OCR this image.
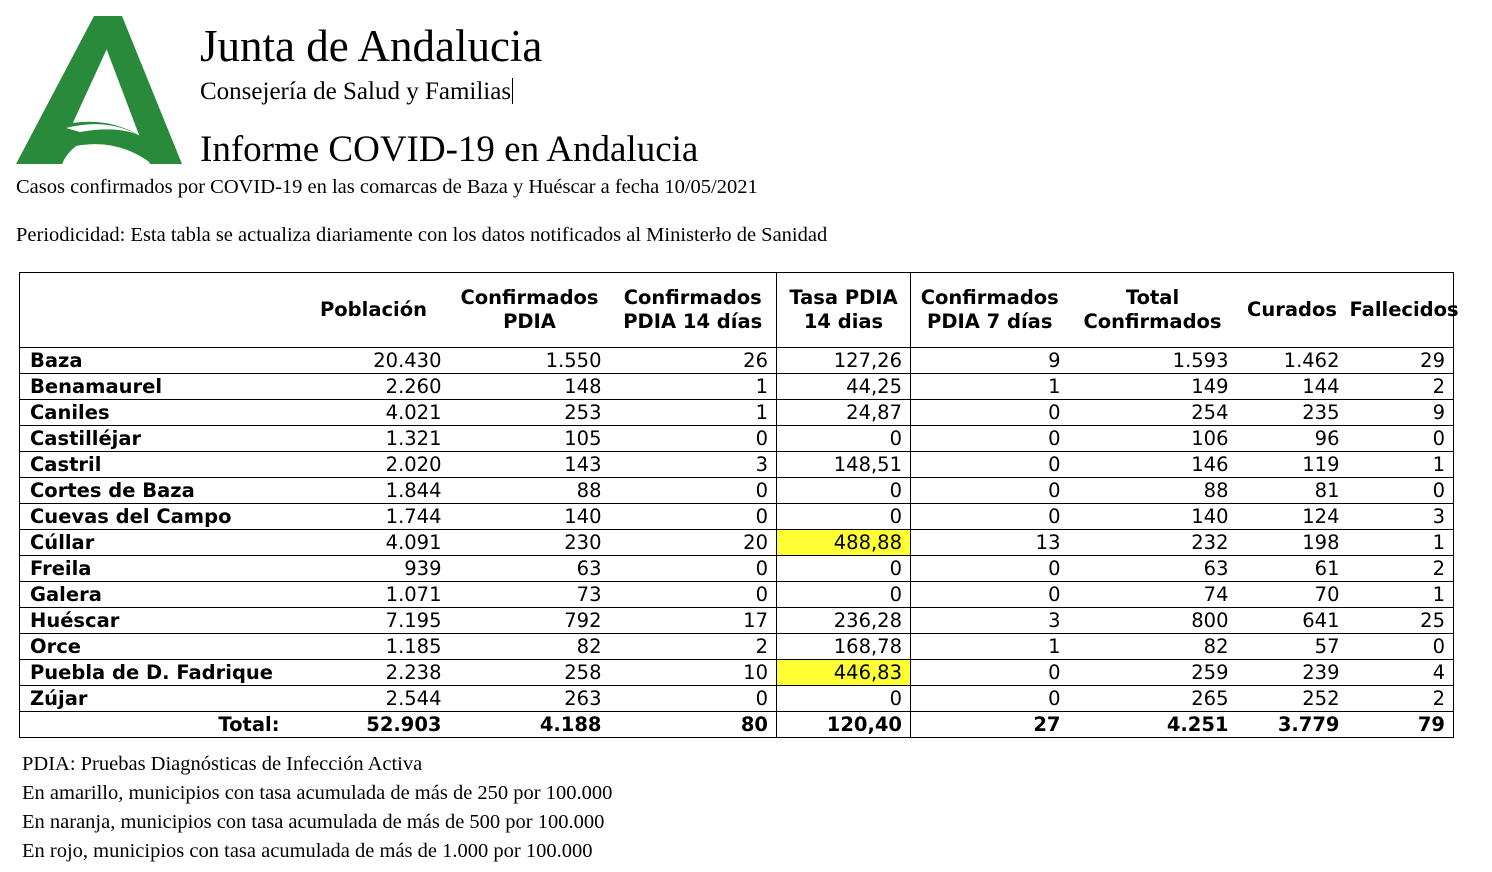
Junta de Andalucia
Consejería de Salud y Familias
Informe COVID-19 en Andalucia
Casos confirmados por COVID-19 en las comarcas de Baza y Huéscar a fecha 10/05/2021
Periodicidad: Esta tabla se actualiza diariamente con los datos notificados al Ministerło de Sanidad
	Población	Confirmados PDIA	Confirmados PDIA 14 días	Tasa PDIA 14 dias	Confirmados PDIA 7 días	Total Confirmados	Curados	Fallecidos
Baza	20.430	1.550	26	127,26	9	1.593	1.462	29
Benamaurel	2.260	148	1	44,25	1	149	144	2
Caniles	4.021	253	1	24,87	0	254	235	9
Castilléjar	1.321	105	0	0	0	106	96	0
Castril	2.020	143	3	148,51	0	146	119	1
Cortes de Baza	1.844	88	0	0	0	88	81	0
Cuevas del Campo	1.744	140	0	0	0	140	124	3
Cúllar	4.091	230	20	488,88	13	232	198	1
Freila	939	63	0	0	0	63	61	2
Galera	1.071	73	0	0	0	74	70	1
Huéscar	7.195	792	17	236,28	3	800	641	25
Orce	1.185	82	2	168,78	1	82	57	0
Puebla de D. Fadrique	2.238	258	10	446,83	0	259	239	4
Zújar	2.544	263	0	0	0	265	252	2
Total:	52.903	4.188	80	120,40	27	4.251	3.779	79
PDIA: Pruebas Diagnósticas de Infección Activa
En amarillo, municipios con tasa acumulada de más de 250 por 100.000
En naranja, municipios con tasa acumulada de más de 500 por 100.000
En rojo, municipios con tasa acumulada de más de 1.000 por 100.000
